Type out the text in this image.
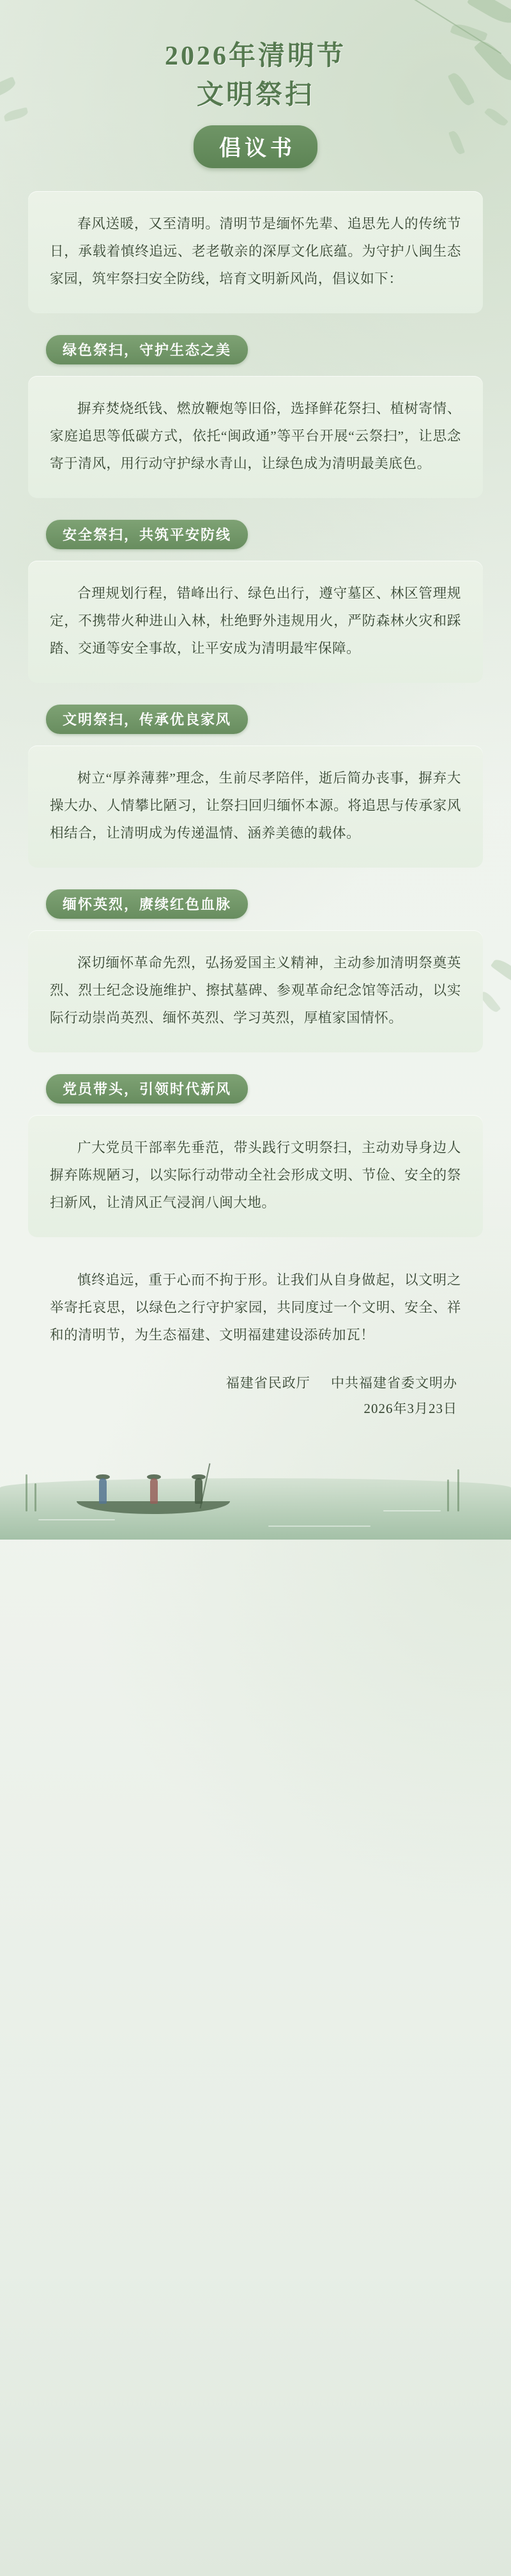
2026年清明节
文明祭扫
倡议书
春风送暖，又至清明。清明节是缅怀先辈、追思先人的传统节日，承载着慎终追远、老老敬亲的深厚文化底蕴。为守护八闽生态家园，筑牢祭扫安全防线，培育文明新风尚，倡议如下：
绿色祭扫，守护生态之美
摒弃焚烧纸钱、燃放鞭炮等旧俗，选择鲜花祭扫、植树寄情、家庭追思等低碳方式，依托“闽政通”等平台开展“云祭扫”，让思念寄于清风，用行动守护绿水青山，让绿色成为清明最美底色。
安全祭扫，共筑平安防线
合理规划行程，错峰出行、绿色出行，遵守墓区、林区管理规定，不携带火种进山入林，杜绝野外违规用火，严防森林火灾和踩踏、交通等安全事故，让平安成为清明最牢保障。
文明祭扫，传承优良家风
树立“厚养薄葬”理念，生前尽孝陪伴，逝后简办丧事，摒弃大操大办、人情攀比陋习，让祭扫回归缅怀本源。将追思与传承家风相结合，让清明成为传递温情、涵养美德的载体。
缅怀英烈，赓续红色血脉
深切缅怀革命先烈，弘扬爱国主义精神，主动参加清明祭奠英烈、烈士纪念设施维护、擦拭墓碑、参观革命纪念馆等活动，以实际行动崇尚英烈、缅怀英烈、学习英烈，厚植家国情怀。
党员带头，引领时代新风
广大党员干部率先垂范，带头践行文明祭扫，主动劝导身边人摒弃陈规陋习，以实际行动带动全社会形成文明、节俭、安全的祭扫新风，让清风正气浸润八闽大地。
慎终追远，重于心而不拘于形。让我们从自身做起，以文明之举寄托哀思，以绿色之行守护家园，共同度过一个文明、安全、祥和的清明节，为生态福建、文明福建建设添砖加瓦！
福建省民政厅 中共福建省委文明办
2026年3月23日
